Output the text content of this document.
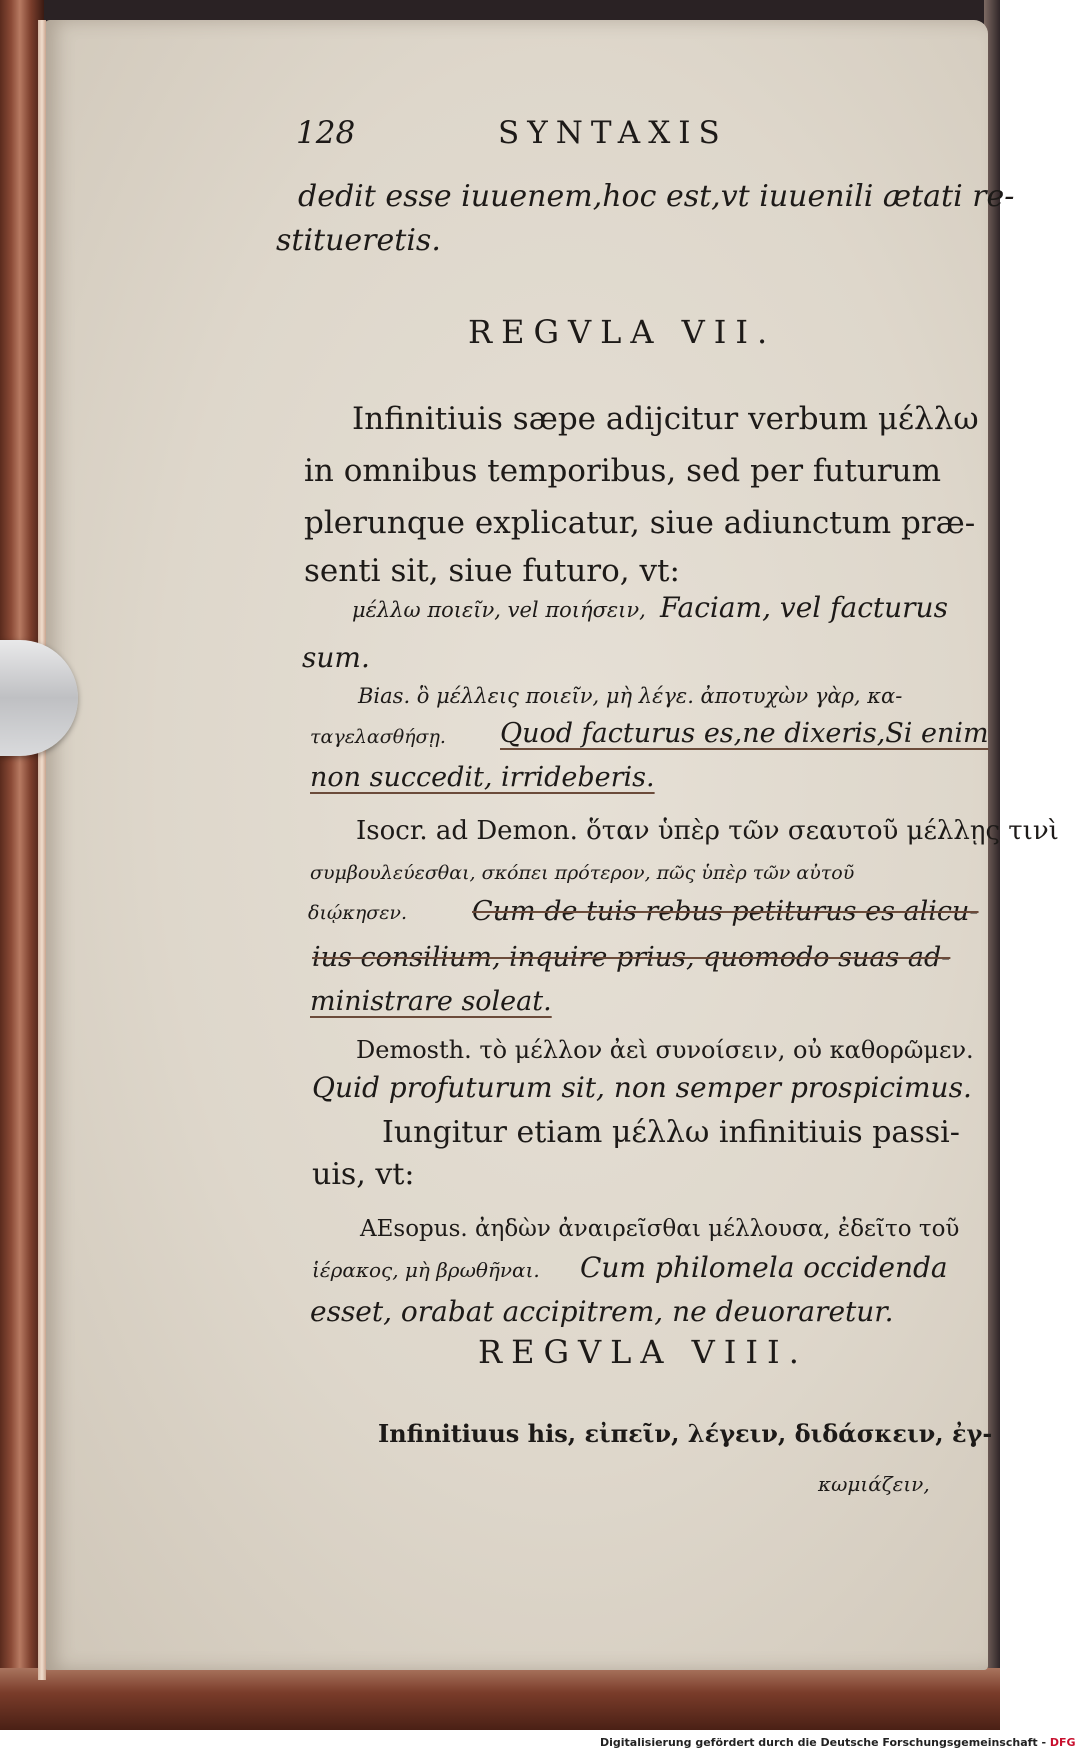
128	SYNTAXIS
dedit esse iuuenem,hoc est,vt iuuenili ætati re-
stitueretis.
REGVLA VII.
Infinitiuis sæpe adijcitur verbum μέλλω
in omnibus temporibus, sed per futurum
plerunque explicatur, siue adiunctum præ-
senti sit, siue futuro, vt:
μέλλω ποιεῖν, vel ποιήσειν, Faciam, vel facturus
sum.
Bias. ὃ μέλλεις ποιεῖν, μὴ λέγε. ἀποτυχὼν γὰρ, κα-
ταγελασθήσῃ. Quod facturus es,ne dixeris,Si enim
non succedit, irrideberis.
Isocr. ad Demon. ὅταν ὑπὲρ τῶν σεαυτοῦ μέλλῃς τινὶ
συμβουλεύεσθαι, σκόπει πρότερον, πῶς ὑπὲρ τῶν αὐτοῦ
διῴκησεν. Cum de tuis rebus petiturus es alicu-
ius consilium, inquire prius, quomodo suas ad-
ministrare soleat.
Demosth. τὸ μέλλον ἀεὶ συνοίσειν, οὐ καθορῶμεν.
Quid profuturum sit, non semper prospicimus.
Iungitur etiam μέλλω infinitiuis passi-
uis, vt:
AEsopus. ἀηδὼν ἀναιρεῖσθαι μέλλουσα, ἐδεῖτο τοῦ
ἱέρακος, μὴ βρωθῆναι. Cum philomela occidenda
esset, orabat accipitrem, ne deuoraretur.
REGVLA VIII.
Infinitiuus his, εἰπεῖν, λέγειν, διδάσκειν, ἐγ-
κωμιάζειν,
Digitalisierung gefördert durch die Deutsche Forschungsgemeinschaft - DFG
